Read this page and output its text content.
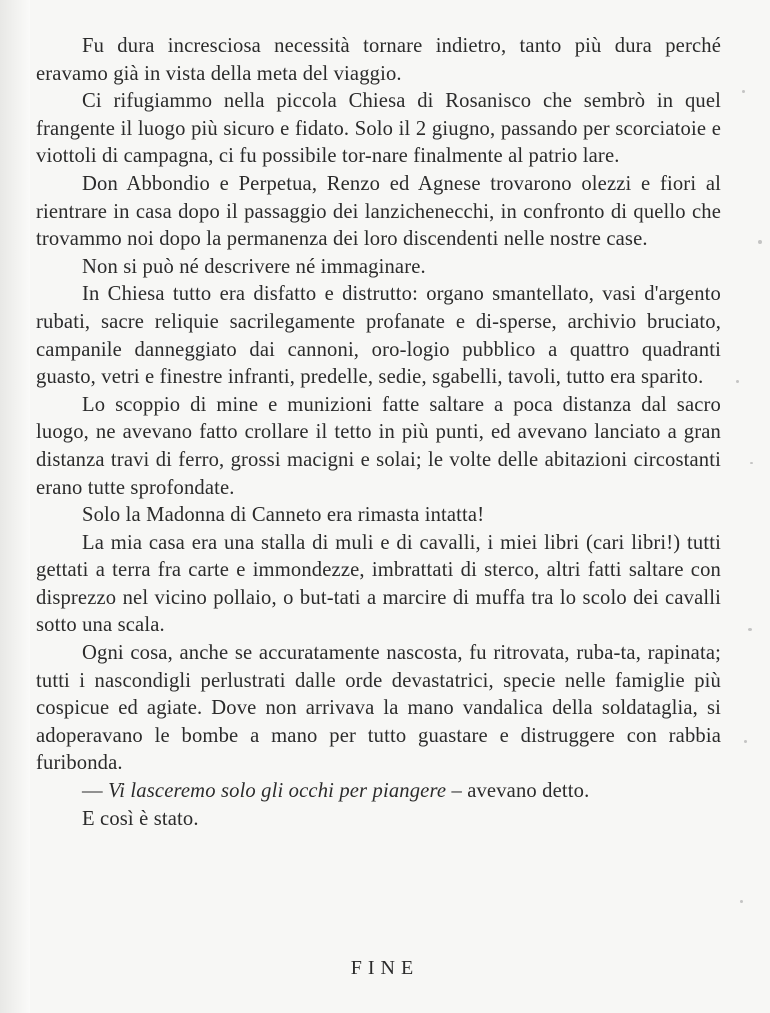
Fu dura incresciosa necessità tornare indietro, tanto più dura perché eravamo già in vista della meta del viaggio.

Ci rifugiammo nella piccola Chiesa di Rosanisco che sembrò in quel frangente il luogo più sicuro e fidato. Solo il 2 giugno, passando per scorciatoie e viottoli di campagna, ci fu possibile tor-nare finalmente al patrio lare.

Don Abbondio e Perpetua, Renzo ed Agnese trovarono olezzi e fiori al rientrare in casa dopo il passaggio dei lanzichenecchi, in confronto di quello che trovammo noi dopo la permanenza dei loro discendenti nelle nostre case.

Non si può né descrivere né immaginare.

In Chiesa tutto era disfatto e distrutto: organo smantellato, vasi d'argento rubati, sacre reliquie sacrilegamente profanate e di-sperse, archivio bruciato, campanile danneggiato dai cannoni, oro-logio pubblico a quattro quadranti guasto, vetri e finestre infranti, predelle, sedie, sgabelli, tavoli, tutto era sparito.

Lo scoppio di mine e munizioni fatte saltare a poca distanza dal sacro luogo, ne avevano fatto crollare il tetto in più punti, ed avevano lanciato a gran distanza travi di ferro, grossi macigni e solai; le volte delle abitazioni circostanti erano tutte sprofondate.

Solo la Madonna di Canneto era rimasta intatta!

La mia casa era una stalla di muli e di cavalli, i miei libri (cari libri!) tutti gettati a terra fra carte e immondezze, imbrattati di sterco, altri fatti saltare con disprezzo nel vicino pollaio, o but-tati a marcire di muffa tra lo scolo dei cavalli sotto una scala.

Ogni cosa, anche se accuratamente nascosta, fu ritrovata, ruba-ta, rapinata; tutti i nascondigli perlustrati dalle orde devastatrici, specie nelle famiglie più cospicue ed agiate. Dove non arrivava la mano vandalica della soldataglia, si adoperavano le bombe a mano per tutto guastare e distruggere con rabbia furibonda.

— Vi lasceremo solo gli occhi per piangere – avevano detto.

E così è stato.

FINE
